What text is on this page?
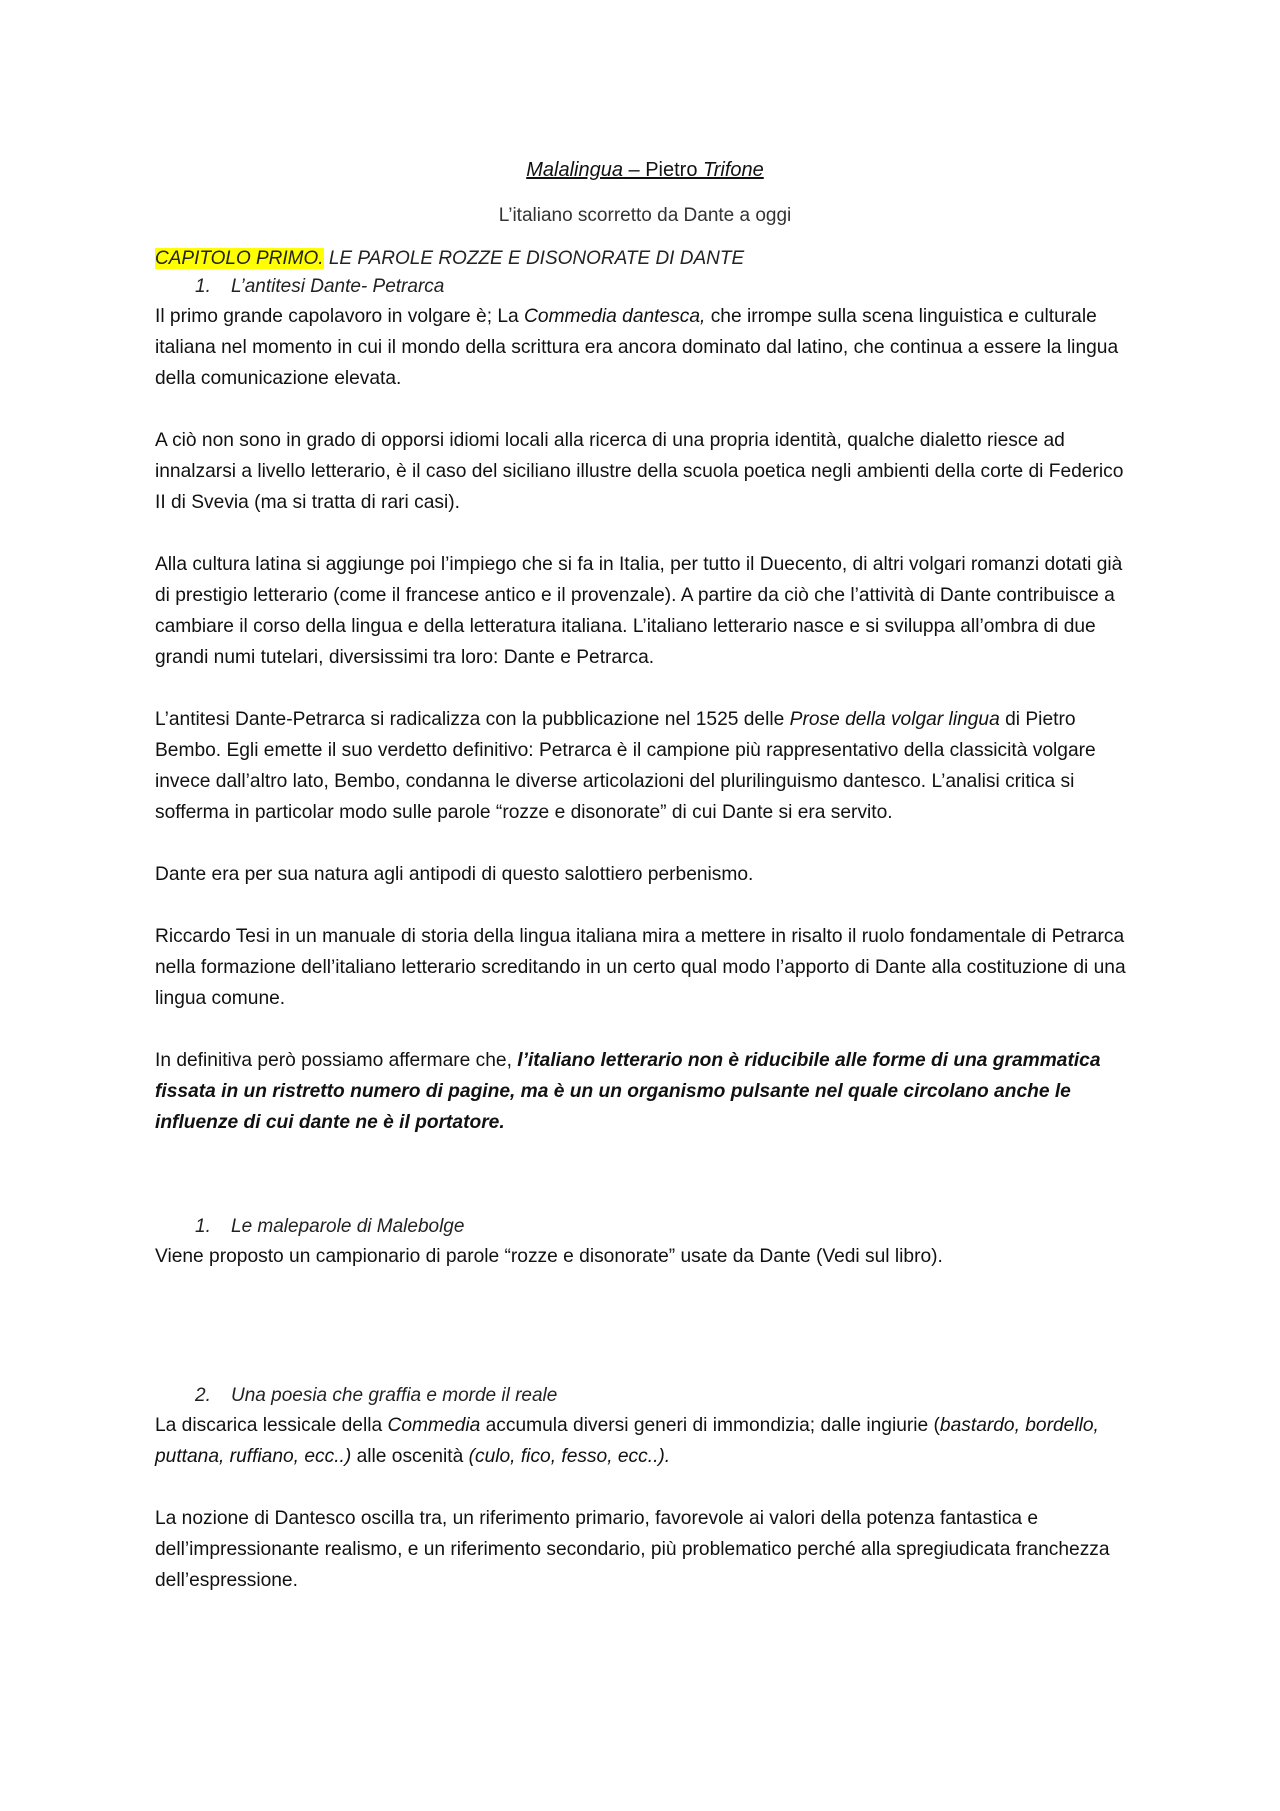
Malalingua – Pietro Trifone

L’italiano scorretto da Dante a oggi

CAPITOLO PRIMO. LE PAROLE ROZZE E DISONORATE DI DANTE

1. L’antitesi Dante- Petrarca

Il primo grande capolavoro in volgare è; La Commedia dantesca, che irrompe sulla scena linguistica e culturale italiana nel momento in cui il mondo della scrittura era ancora dominato dal latino, che continua a essere la lingua della comunicazione elevata.

A ciò non sono in grado di opporsi idiomi locali alla ricerca di una propria identità, qualche dialetto riesce ad innalzarsi a livello letterario, è il caso del siciliano illustre della scuola poetica negli ambienti della corte di Federico II di Svevia (ma si tratta di rari casi).

Alla cultura latina si aggiunge poi l’impiego che si fa in Italia, per tutto il Duecento, di altri volgari romanzi dotati già di prestigio letterario (come il francese antico e il provenzale). A partire da ciò che l’attività di Dante contribuisce a cambiare il corso della lingua e della letteratura italiana. L’italiano letterario nasce e si sviluppa all’ombra di due grandi numi tutelari, diversissimi tra loro: Dante e Petrarca.

L’antitesi Dante-Petrarca si radicalizza con la pubblicazione nel 1525 delle Prose della volgar lingua di Pietro Bembo. Egli emette il suo verdetto definitivo: Petrarca è il campione più rappresentativo della classicità volgare invece dall’altro lato, Bembo, condanna le diverse articolazioni del plurilinguismo dantesco. L’analisi critica si sofferma in particolar modo sulle parole “rozze e disonorate” di cui Dante si era servito.

Dante era per sua natura agli antipodi di questo salottiero perbenismo.

Riccardo Tesi in un manuale di storia della lingua italiana mira a mettere in risalto il ruolo fondamentale di Petrarca nella formazione dell’italiano letterario screditando in un certo qual modo l’apporto di Dante alla costituzione di una lingua comune.

In definitiva però possiamo affermare che, l’italiano letterario non è riducibile alle forme di una grammatica fissata in un ristretto numero di pagine, ma è un un organismo pulsante nel quale circolano anche le influenze di cui dante ne è il portatore.

1. Le maleparole di Malebolge

Viene proposto un campionario di parole “rozze e disonorate” usate da Dante (Vedi sul libro).

2. Una poesia che graffia e morde il reale

La discarica lessicale della Commedia accumula diversi generi di immondizia; dalle ingiurie (bastardo, bordello, puttana, ruffiano, ecc..) alle oscenità (culo, fico, fesso, ecc..).

La nozione di Dantesco oscilla tra, un riferimento primario, favorevole ai valori della potenza fantastica e dell’impressionante realismo, e un riferimento secondario, più problematico perché alla spregiudicata franchezza dell’espressione.
